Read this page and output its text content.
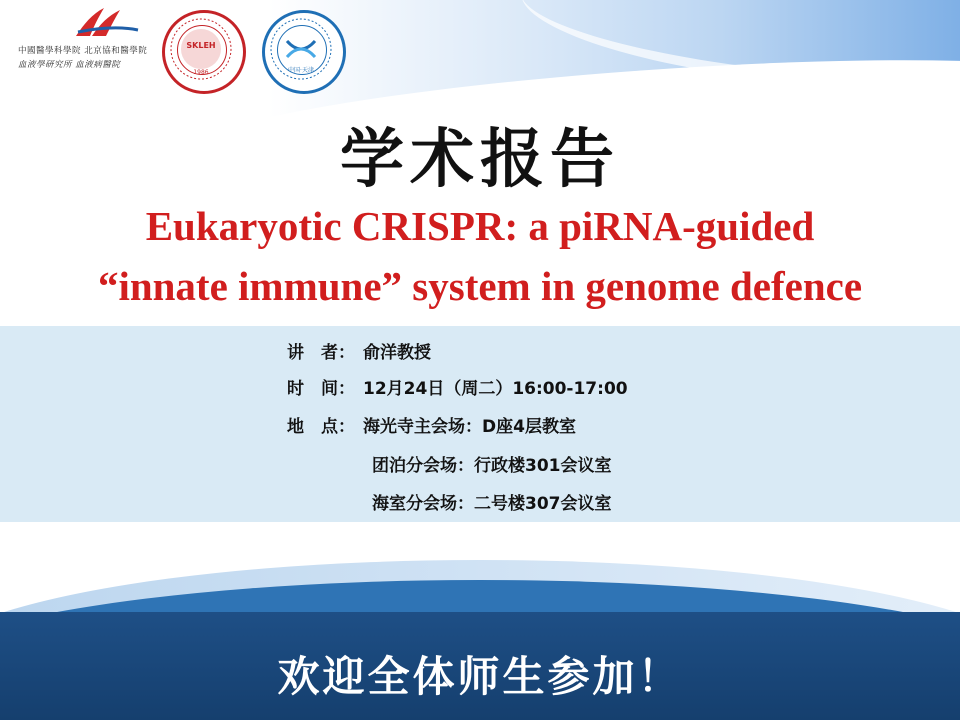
中國醫學科學院 北京協和醫學院
血液學研究所 血液病醫院
SKLEH
1986	中国·天津
学术报告
Eukaryotic CRISPR: a piRNA-guided
“innate immune” system in genome defence
讲　者： 俞洋教授
时　间： 12月24日（周二）16:00-17:00
地　点： 海光寺主会场：D座4层教室
团泊分会场：行政楼301会议室
海室分会场：二号楼307会议室
欢迎全体师生参加！
